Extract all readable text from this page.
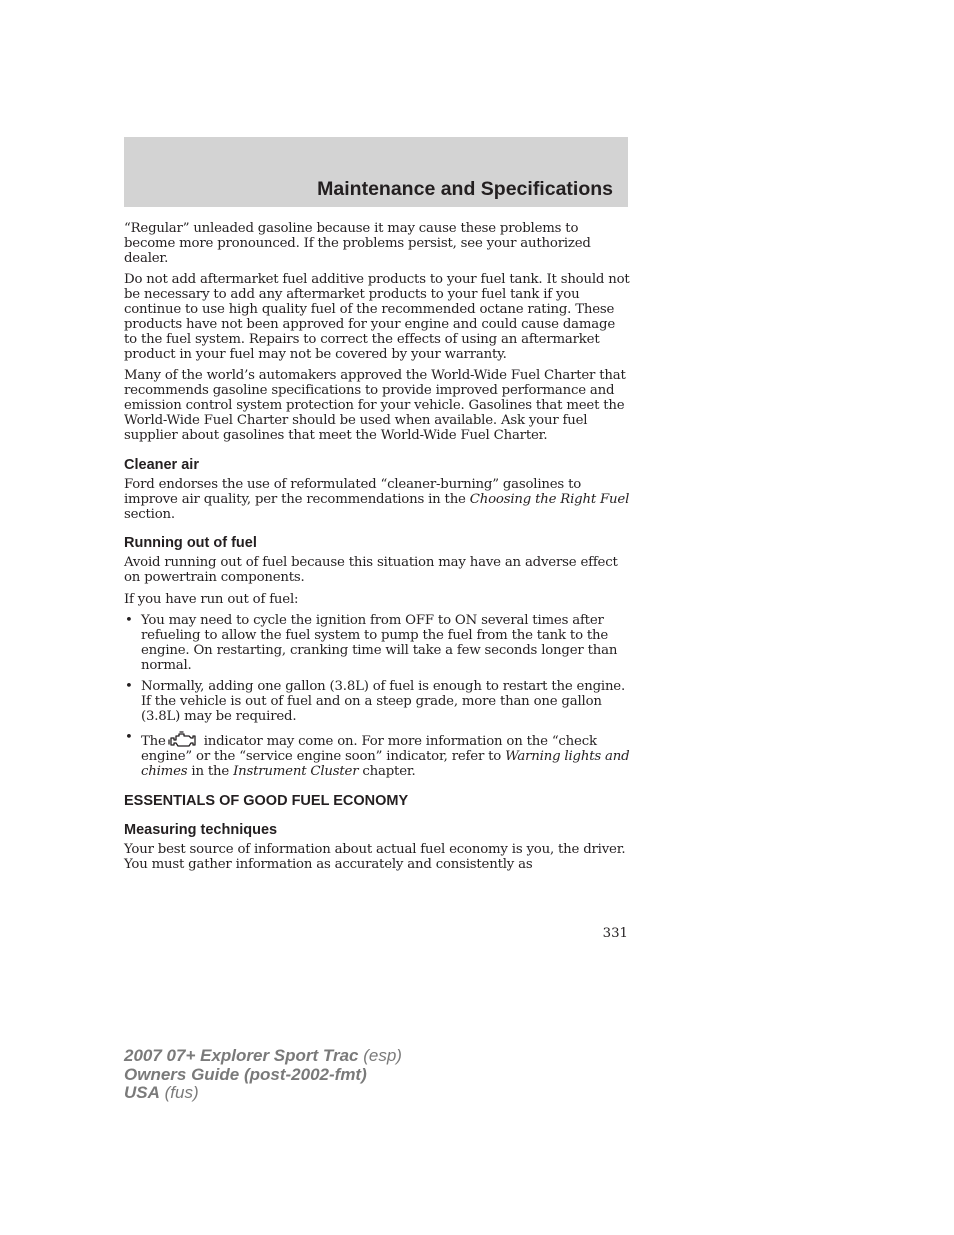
Maintenance and Specifications

“Regular” unleaded gasoline because it may cause these problems to become more pronounced. If the problems persist, see your authorized dealer.

Do not add aftermarket fuel additive products to your fuel tank. It should not be necessary to add any aftermarket products to your fuel tank if you continue to use high quality fuel of the recommended octane rating. These products have not been approved for your engine and could cause damage to the fuel system. Repairs to correct the effects of using an aftermarket product in your fuel may not be covered by your warranty.

Many of the world’s automakers approved the World-Wide Fuel Charter that recommends gasoline specifications to provide improved performance and emission control system protection for your vehicle. Gasolines that meet the World-Wide Fuel Charter should be used when available. Ask your fuel supplier about gasolines that meet the World-Wide Fuel Charter.

Cleaner air

Ford endorses the use of reformulated “cleaner-burning” gasolines to improve air quality, per the recommendations in the Choosing the Right Fuel section.

Running out of fuel

Avoid running out of fuel because this situation may have an adverse effect on powertrain components.

If you have run out of fuel:

• You may need to cycle the ignition from OFF to ON several times after refueling to allow the fuel system to pump the fuel from the tank to the engine. On restarting, cranking time will take a few seconds longer than normal.
• Normally, adding one gallon (3.8L) of fuel is enough to restart the engine. If the vehicle is out of fuel and on a steep grade, more than one gallon (3.8L) may be required.
• The	indicator may come on. For more information on the “check engine” or the “service engine soon” indicator, refer to Warning lights and chimes in the Instrument Cluster chapter.
ESSENTIALS OF GOOD FUEL ECONOMY
Measuring techniques

Your best source of information about actual fuel economy is you, the driver. You must gather information as accurately and consistently as

331
2007 07+ Explorer Sport Trac (esp)
Owners Guide (post-2002-fmt)
USA (fus)
